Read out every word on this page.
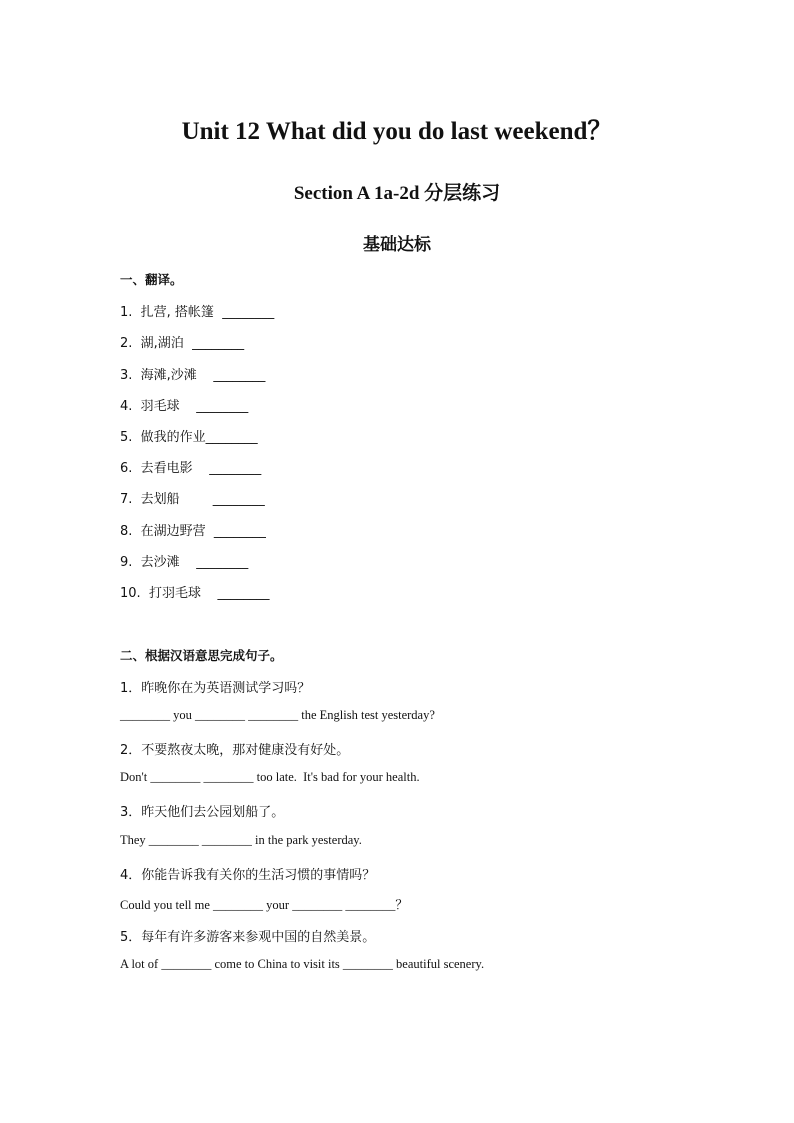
Unit 12 What did you do last weekend？
Section A 1a-2d 分层练习
基础达标
一、翻译。
1.  扎营, 搭帐篷  ________
2.  湖,湖泊  ________
3.  海滩,沙滩    ________
4.  羽毛球    ________
5.  做我的作业________
6.  去看电影    ________
7.  去划船        ________
8.  在湖边野营  ________
9.  去沙滩    ________
10.  打羽毛球    ________
二、根据汉语意思完成句子。
1．昨晚你在为英语测试学习吗？
________ you ________ ________ the English test yesterday?
2．不要熬夜太晚，那对健康没有好处。
Don't ________ ________ too late.  It's bad for your health.
3．昨天他们去公园划船了。
They ________ ________ in the park yesterday.
4．你能告诉我有关你的生活习惯的事情吗？
Could you tell me ________ your ________ ________？
5．每年有许多游客来参观中国的自然美景。
A lot of ________ come to China to visit its ________ beautiful scenery.
